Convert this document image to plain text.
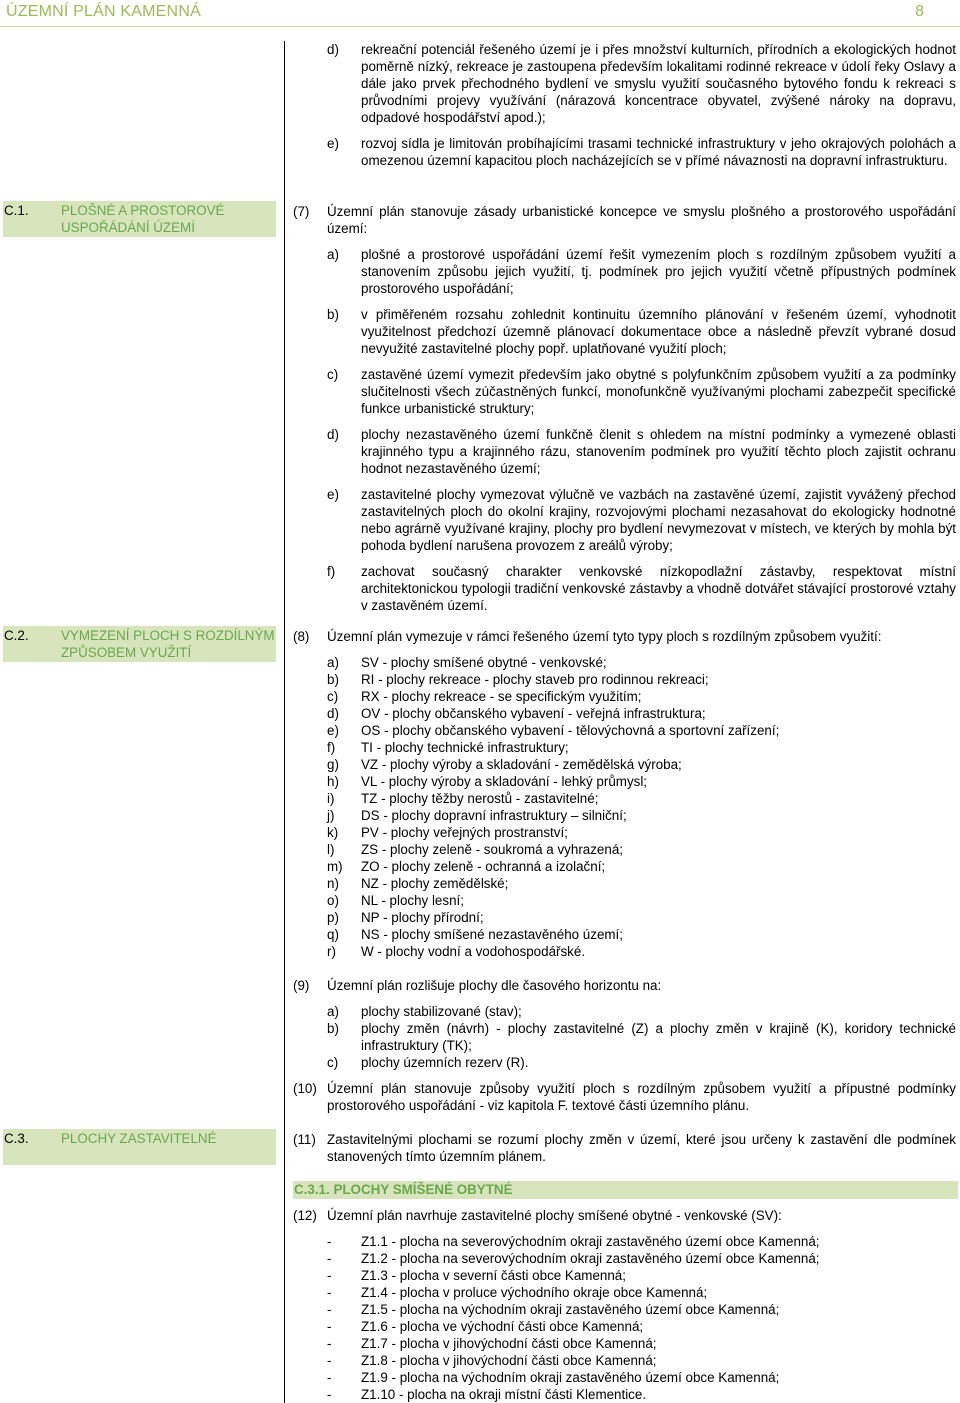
ÚZEMNÍ PLÁN KAMENNÁ	8
C.1. PLOŠNÉ A PROSTOROVÉ USPOŘÁDÁNÍ ÚZEMÍ
C.2. VYMEZENÍ PLOCH S ROZDÍLNÝM ZPŮSOBEM VYUŽITÍ
C.3. PLOCHY ZASTAVITELNÉ
d) rekreační potenciál řešeného území je i přes množství kulturních, přírodních a ekologických hodnot poměrně nízký, rekreace je zastoupena především lokalitami rodinné rekreace v údolí řeky Oslavy a dále jako prvek přechodného bydlení ve smyslu využití současného bytového fondu k rekreaci s průvodními projevy využívání (nárazová koncentrace obyvatel, zvýšené nároky na dopravu, odpadové hospodářství apod.);
e) rozvoj sídla je limitován probíhajícími trasami technické infrastruktury v jeho okrajových polohách a omezenou územní kapacitou ploch nacházejících se v přímé návaznosti na dopravní infrastrukturu.
(7) Územní plán stanovuje zásady urbanistické koncepce ve smyslu plošného a prostorového uspořádání území:
a) plošné a prostorové uspořádání území řešit vymezením ploch s rozdílným způsobem využití a stanovením způsobu jejich využití, tj. podmínek pro jejich využití včetně přípustných podmínek prostorového uspořádání;
b) v přiměřeném rozsahu zohlednit kontinuitu územního plánování v řešeném území, vyhodnotit využitelnost předchozí územně plánovací dokumentace obce a následně převzít vybrané dosud nevyužité zastavitelné plochy popř. uplatňované využití ploch;
c) zastavěné území vymezit především jako obytné s polyfunkčním způsobem využití a za podmínky slučitelnosti všech zúčastněných funkcí, monofunkčně využívanými plochami zabezpečit specifické funkce urbanistické struktury;
d) plochy nezastavěného území funkčně členit s ohledem na místní podmínky a vymezené oblasti krajinného typu a krajinného rázu, stanovením podmínek pro využití těchto ploch zajistit ochranu hodnot nezastavěného území;
e) zastavitelné plochy vymezovat výlučně ve vazbách na zastavěné území, zajistit vyvážený přechod zastavitelných ploch do okolní krajiny, rozvojovými plochami nezasahovat do ekologicky hodnotné nebo agrárně využívané krajiny, plochy pro bydlení nevymezovat v místech, ve kterých by mohla být pohoda bydlení narušena provozem z areálů výroby;
f) zachovat současný charakter venkovské nízkopodlažní zástavby, respektovat místní architektonickou typologii tradiční venkovské zástavby a vhodně dotvářet stávající prostorové vztahy v zastavěném území.
(8) Územní plán vymezuje v rámci řešeného území tyto typy ploch s rozdílným způsobem využití:
a) SV - plochy smíšené obytné - venkovské;
b) RI - plochy rekreace - plochy staveb pro rodinnou rekreaci;
c) RX - plochy rekreace - se specifickým využitím;
d) OV - plochy občanského vybavení - veřejná infrastruktura;
e) OS - plochy občanského vybavení - tělovýchovná a sportovní zařízení;
f) TI - plochy technické infrastruktury;
g) VZ - plochy výroby a skladování - zemědělská výroba;
h) VL - plochy výroby a skladování - lehký průmysl;
i) TZ - plochy těžby nerostů - zastavitelné;
j) DS - plochy dopravní infrastruktury – silniční;
k) PV - plochy veřejných prostranství;
l) ZS - plochy zeleně - soukromá a vyhrazená;
m) ZO - plochy zeleně - ochranná a izolační;
n) NZ - plochy zemědělské;
o) NL - plochy lesní;
p) NP - plochy přírodní;
q) NS - plochy smíšené nezastavěného území;
r) W - plochy vodní a vodohospodářské.
(9) Územní plán rozlišuje plochy dle časového horizontu na:
a) plochy stabilizované (stav);
b) plochy změn (návrh) - plochy zastavitelné (Z) a plochy změn v krajině (K), koridory technické infrastruktury (TK);
c) plochy územních rezerv (R).
(10) Územní plán stanovuje způsoby využití ploch s rozdílným způsobem využití a přípustné podmínky prostorového uspořádání - viz kapitola F. textové části územního plánu.
(11) Zastavitelnými plochami se rozumí plochy změn v území, které jsou určeny k zastavění dle podmínek stanovených tímto územním plánem.
C.3.1. PLOCHY SMÍŠENÉ OBYTNÉ
(12) Územní plán navrhuje zastavitelné plochy smíšené obytné - venkovské (SV):
- Z1.1 - plocha na severovýchodním okraji zastavěného území obce Kamenná;
- Z1.2 - plocha na severovýchodním okraji zastavěného území obce Kamenná;
- Z1.3 - plocha v severní části obce Kamenná;
- Z1.4 - plocha v proluce východního okraje obce Kamenná;
- Z1.5 - plocha na východním okraji zastavěného území obce Kamenná;
- Z1.6 - plocha ve východní části obce Kamenná;
- Z1.7 - plocha v jihovýchodní části obce Kamenná;
- Z1.8 - plocha v jihovýchodní části obce Kamenná;
- Z1.9 - plocha na východním okraji zastavěného území obce Kamenná;
- Z1.10 - plocha na okraji místní části Klementice.
